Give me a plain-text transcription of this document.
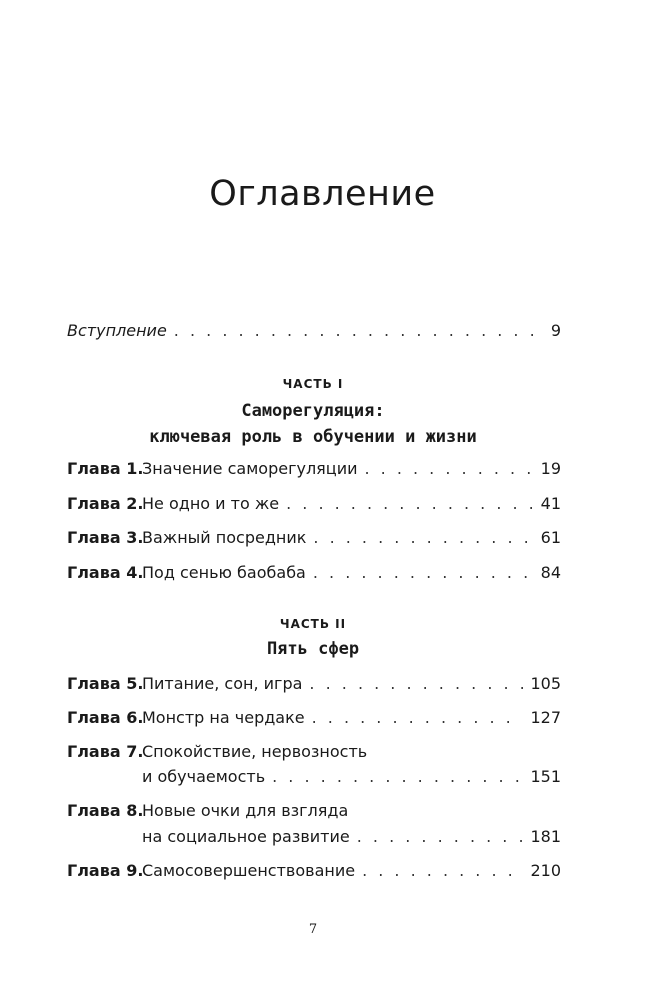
Оглавление
Вступление . . .	9
ЧАСТЬ I
Саморегуляция:
ключевая роль в обучении и жизни
Глава 1.Значение саморегуляции . . .	19
Глава 2.Не одно и то же . . .	41
Глава 3.Важный посредник . . .	61
Глава 4.Под сенью баобаба . . .	84
ЧАСТЬ II
Пять сфер
Глава 5.Питание, сон, игра . . .	105
Глава 6.Монстр на чердаке . . .	127
Глава 7.Спокойствие, нервозность
и обучаемость . . .	151
Глава 8.Новые очки для взгляда
на социальное развитие . . .	181
Глава 9.Самосовершенствование . . .	210
7
